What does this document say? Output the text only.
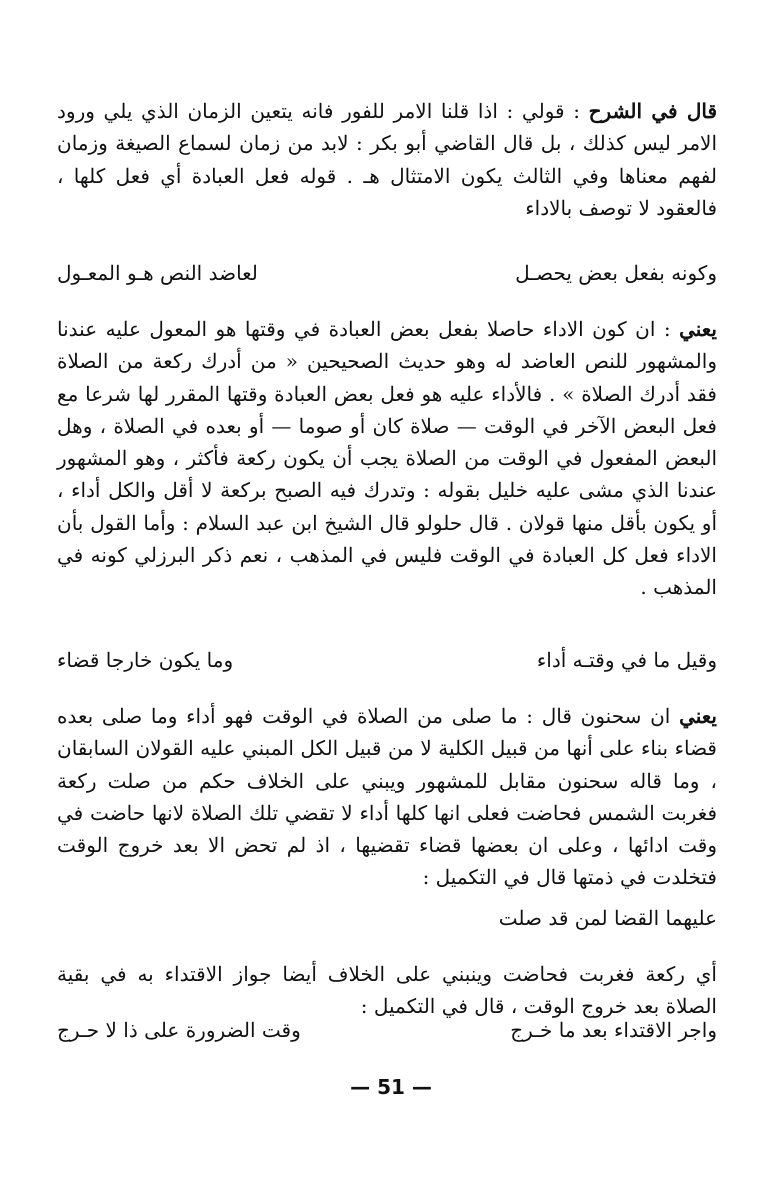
قال في الشرح : قولي : اذا قلنا الامر للفور فانه يتعين الزمان الذي يلي ورود الامر ليس كذلك ، بل قال القاضي أبو بكر : لابد من زمان لسماع الصيغة وزمان لفهم معناها وفي الثالث يكون الامتثال هـ . قوله فعل العبادة أي فعل كلها ، فالعقود لا توصف بالاداء

وكونه بفعل بعض يحصـل
لعاضد النص هـو المعـول

يعني : ان كون الاداء حاصلا بفعل بعض العبادة في وقتها هو المعول عليه عندنا والمشهور للنص العاضد له وهو حديث الصحيحين « من أدرك ركعة من الصلاة فقد أدرك الصلاة » . فالأداء عليه هو فعل بعض العبادة وقتها المقرر لها شرعا مع فعل البعض الآخر في الوقت — صلاة كان أو صوما — أو بعده في الصلاة ، وهل البعض المفعول في الوقت من الصلاة يجب أن يكون ركعة فأكثر ، وهو المشهور عندنا الذي مشى عليه خليل بقوله : وتدرك فيه الصبح بركعة لا أقل والكل أداء ، أو يكون بأقل منها قولان . قال حلولو قال الشيخ ابن عبد السلام : وأما القول بأن الاداء فعل كل العبادة في الوقت فليس في المذهب ، نعم ذكر البرزلي كونه في المذهب .

وقيل ما في وقتـه أداء
وما يكون خارجا قضاء

يعني ان سحنون قال : ما صلى من الصلاة في الوقت فهو أداء وما صلى بعده قضاء بناء على أنها من قبيل الكلية لا من قبيل الكل المبني عليه القولان السابقان ، وما قاله سحنون مقابل للمشهور ويبني على الخلاف حكم من صلت ركعة فغربت الشمس فحاضت فعلى انها كلها أداء لا تقضي تلك الصلاة لانها حاضت في وقت ادائها ، وعلى ان بعضها قضاء تقضيها ، اذ لم تحض الا بعد خروج الوقت فتخلدت في ذمتها قال في التكميل :

عليهما القضا لمن قد صلت

أي ركعة فغربت فحاضت وينبني على الخلاف أيضا جواز الاقتداء به في بقية الصلاة بعد خروج الوقت ، قال في التكميل :

— 51 —
واجر الاقتداء بعد ما خـرج
وقت الضرورة على ذا لا حـرج
